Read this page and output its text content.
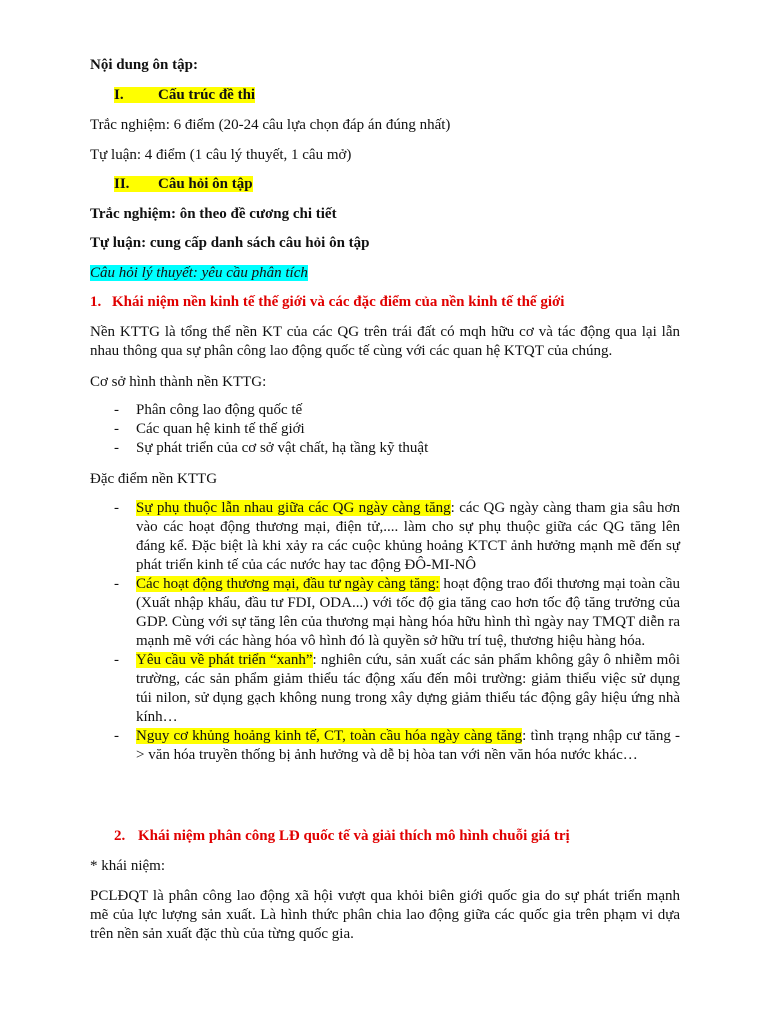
Nội dung ôn tập:
I. Cấu trúc đề thi
Trắc nghiệm: 6 điểm (20-24 câu lựa chọn đáp án đúng nhất)
Tự luận: 4 điểm (1 câu lý thuyết, 1 câu mở)
II. Câu hỏi ôn tập
Trắc nghiệm: ôn theo đề cương chi tiết
Tự luận: cung cấp danh sách câu hỏi ôn tập
Câu hỏi lý thuyết: yêu cầu phân tích
1. Khái niệm nền kinh tế thế giới và các đặc điểm của nền kinh tế thế giới
Nền KTTG là tổng thể nền KT của các QG trên trái đất có mqh hữu cơ và tác động qua lại lẫn nhau thông qua sự phân công lao động quốc tế cùng với các quan hệ KTQT của chúng.
Cơ sở hình thành nền KTTG:
- Phân công lao động quốc tế
- Các quan hệ kinh tế thế giới
- Sự phát triển của cơ sở vật chất, hạ tầng kỹ thuật
Đặc điểm nền KTTG
- Sự phụ thuộc lẫn nhau giữa các QG ngày càng tăng: các QG ngày càng tham gia sâu hơn vào các hoạt động thương mại, điện tử,.... làm cho sự phụ thuộc giữa các QG tăng lên đáng kể. Đặc biệt là khi xảy ra các cuộc khủng hoảng KTCT ảnh hưởng mạnh mẽ đến sự phát triển kinh tế của các nước hay tac động ĐÔ-MI-NÔ
- Các hoạt động thương mại, đầu tư ngày càng tăng: hoạt động trao đổi thương mại toàn cầu (Xuất nhập khẩu, đầu tư FDI, ODA...) với tốc độ gia tăng cao hơn tốc độ tăng trưởng của GDP. Cùng với sự tăng lên của thương mại hàng hóa hữu hình thì ngày nay TMQT diễn ra mạnh mẽ với các hàng hóa vô hình đó là quyền sở hữu trí tuệ, thương hiệu hàng hóa.
- Yêu cầu về phát triển “xanh”: nghiên cứu, sản xuất các sản phẩm không gây ô nhiễm môi trường, các sản phẩm giảm thiểu tác động xấu đến môi trường: giảm thiểu việc sử dụng túi nilon, sử dụng gạch không nung trong xây dựng giảm thiểu tác động gây hiệu ứng nhà kính…
- Nguy cơ khủng hoảng kinh tế, CT, toàn cầu hóa ngày càng tăng: tình trạng nhập cư tăng -> văn hóa truyền thống bị ảnh hưởng và dễ bị hòa tan với nền văn hóa nước khác…
2. Khái niệm phân công LĐ quốc tế và giải thích mô hình chuỗi giá trị
* khái niệm:
PCLĐQT là phân công lao động xã hội vượt qua khỏi biên giới quốc gia do sự phát triển mạnh mẽ của lực lượng sản xuất. Là hình thức phân chia lao động giữa các quốc gia trên phạm vi dựa trên nền sản xuất đặc thù của từng quốc gia.
